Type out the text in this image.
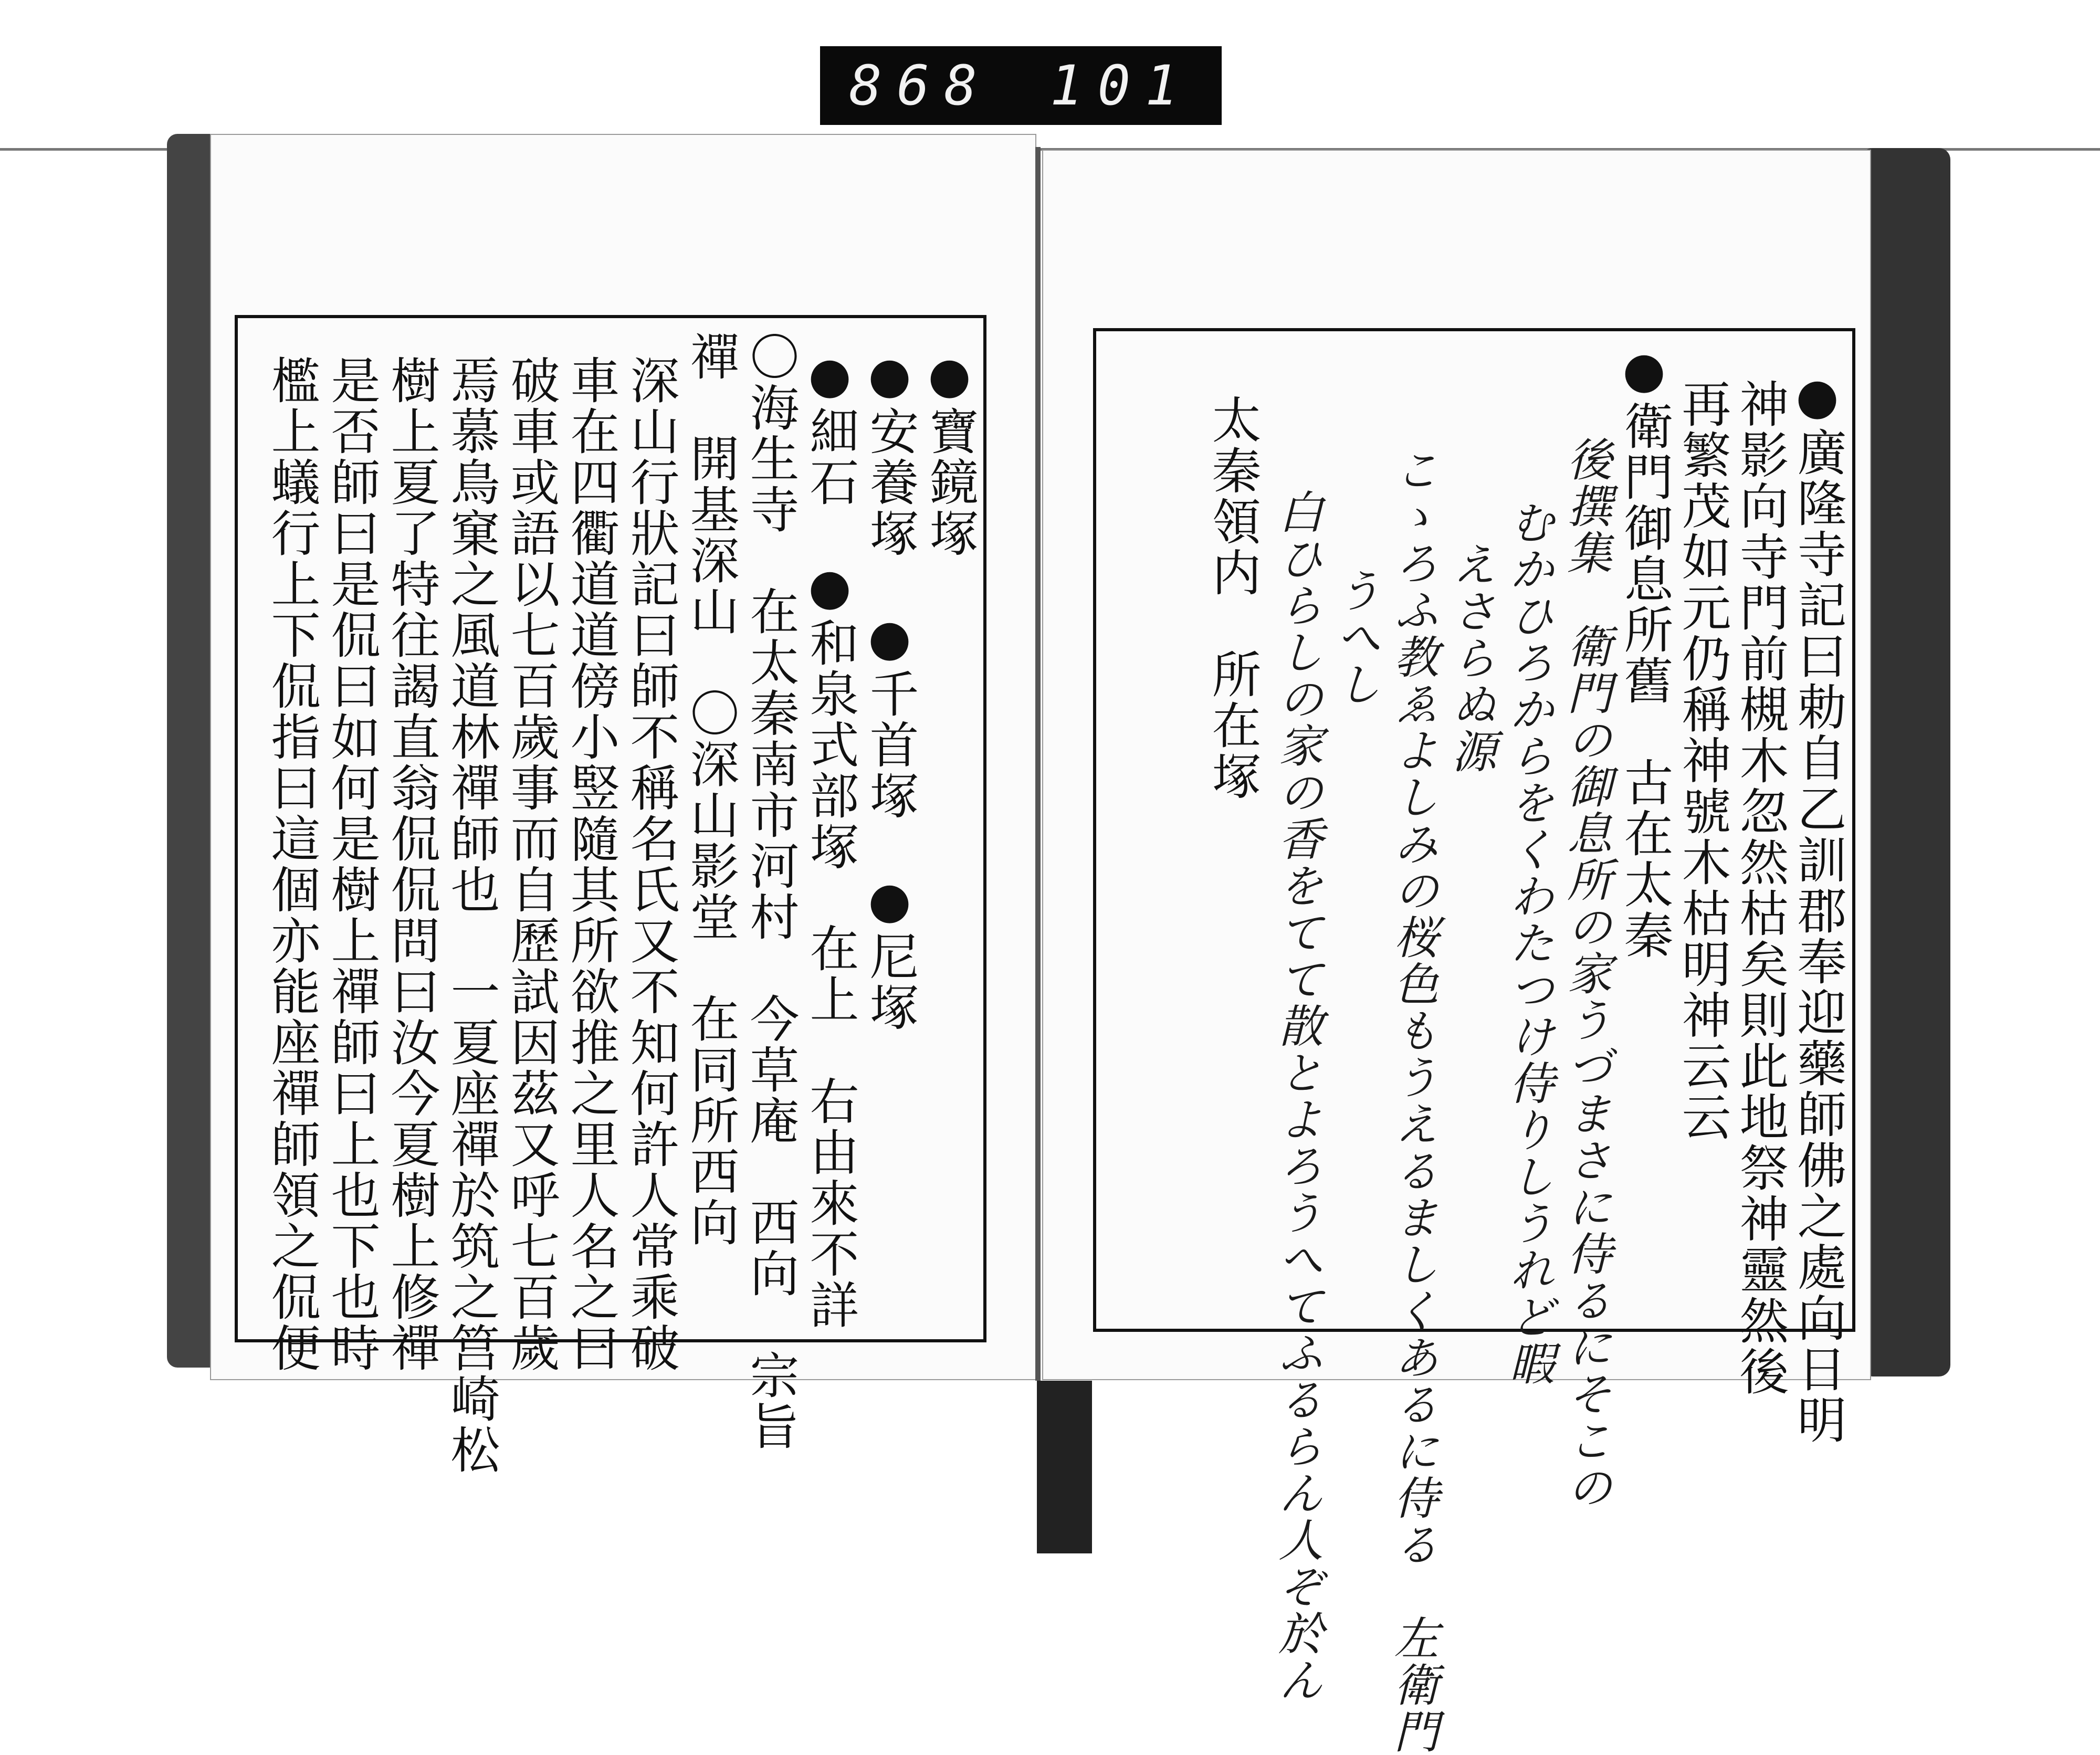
868 101
●寶鏡塚
●安養塚　●千首塚　●尼塚
●細石　●和泉式部塚　在上　右由來不詳
〇海生寺　在太秦南市河村　今草庵　西向　宗旨
禪　開基深山　〇深山影堂　在同所西向
深山行狀記曰師不稱名氏又不知何許人常乘破
車在四衢道道傍小竪隨其所欲推之里人名之曰
破車或語以七百歲事而自歷試因茲又呼七百歲
焉慕鳥窠之風道林禪師也　一夏座禪於筑之筥崎松
樹上夏了特往謁直翁侃侃問曰汝今夏樹上修禪
是否師曰是侃曰如何是樹上禪師曰上也下也時
檻上蟻行上下侃指曰這個亦能座禪師領之侃便	●廣隆寺記曰勅自乙訓郡奉迎藥師佛之處向日明
神影向寺門前槻木忽然枯矣則此地祭神靈然後
再繁茂如元仍稱神號木枯明神云云
●衛門御息所舊　古在太秦
後撰集　衛門の御息所の家うづまさに侍るにそこの
むかひろからをくわたつけ侍りしうれど暇
えさらぬ源
こゝろふ教ゑよしみの桜色もうえるましくあるに侍る　左衛門
うへし
白ひらしの家の香をてて散とよろうへてふるらん人ぞ於ん
太秦領内　所在塚
